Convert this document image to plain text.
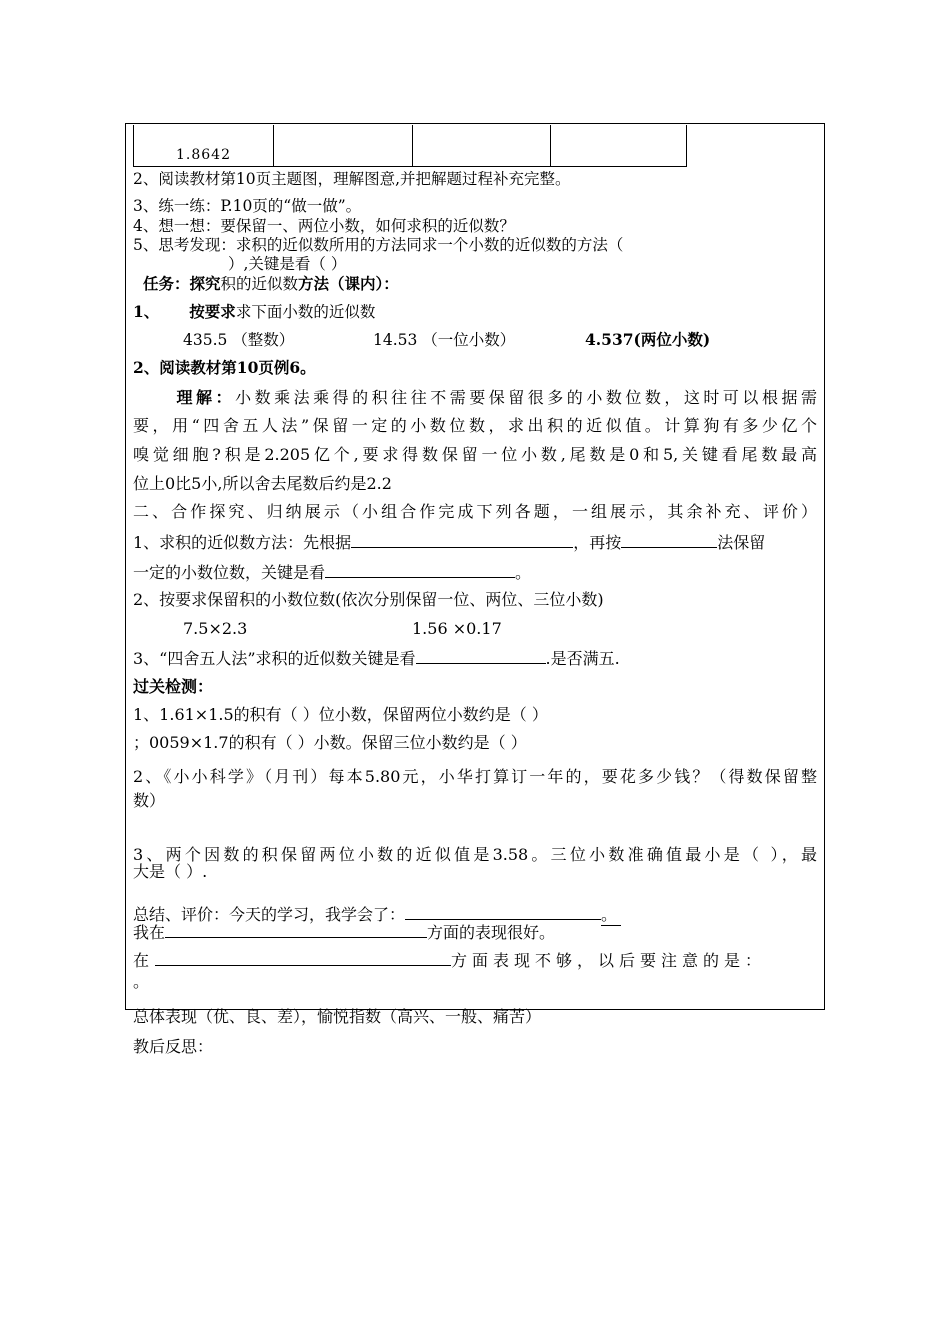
1.8642
2、阅读教材第10页主题图，理解图意,并把解题过程补充完整。
3、练一练：P.10页的“做一做”。
4、想一想：要保留一、两位小数，如何求积的近似数？
5、思考发现：求积的近似数所用的方法同求一个小数的近似数的方法（
）,关键是看（ ）
任务：探究积的近似数方法（课内）：
1、 按要求求下面小数的近似数
435.5 （整数）	14.53 （一位小数）	4.537(两位小数)
2、阅读教材第10页例6。
理解：小数乘法乘得的积往往不需要保留很多的小数位数，这时可以根据需
要，用“四舍五人法”保留一定的小数位数，求出积的近似值。计算狗有多少亿个
嗅觉细胞?积是2.205亿个,要求得数保留一位小数,尾数是0和5,关键看尾数最高
位上0比5小,所以舍去尾数后约是2.2
二、合作探究、归纳展示（小组合作完成下列各题，一组展示，其余补充、评价）
1、求积的近似数方法：先根据	，再按	法保留
一定的小数位数，关键是看	。
2、按要求保留积的小数位数(依次分别保留一位、两位、三位小数)
7.5×2.3	1.56 ×0.17
3、“四舍五人法”求积的近似数关键是看	.是否满五.
过关检测：
1、1.61×1.5的积有（ ）位小数，保留两位小数约是（ ）
；0059×1.7的积有（ ）小数。保留三位小数约是（ ）
2、《小小科学》（月刊）每本5.80元，小华打算订一年的，要花多少钱？（得数保留整
数）
3、两个因数的积保留两位小数的近似值是3.58。三位小数准确值最小是（ ），最
大是（ ）.
总结、评价：今天的学习，我学会了：	。
我在	方面的表现很好。
在	方面表现不够，以后要注意的是：
。
总体表现（优、良、差），愉悦指数（高兴、一般、痛苦）
教后反思：
